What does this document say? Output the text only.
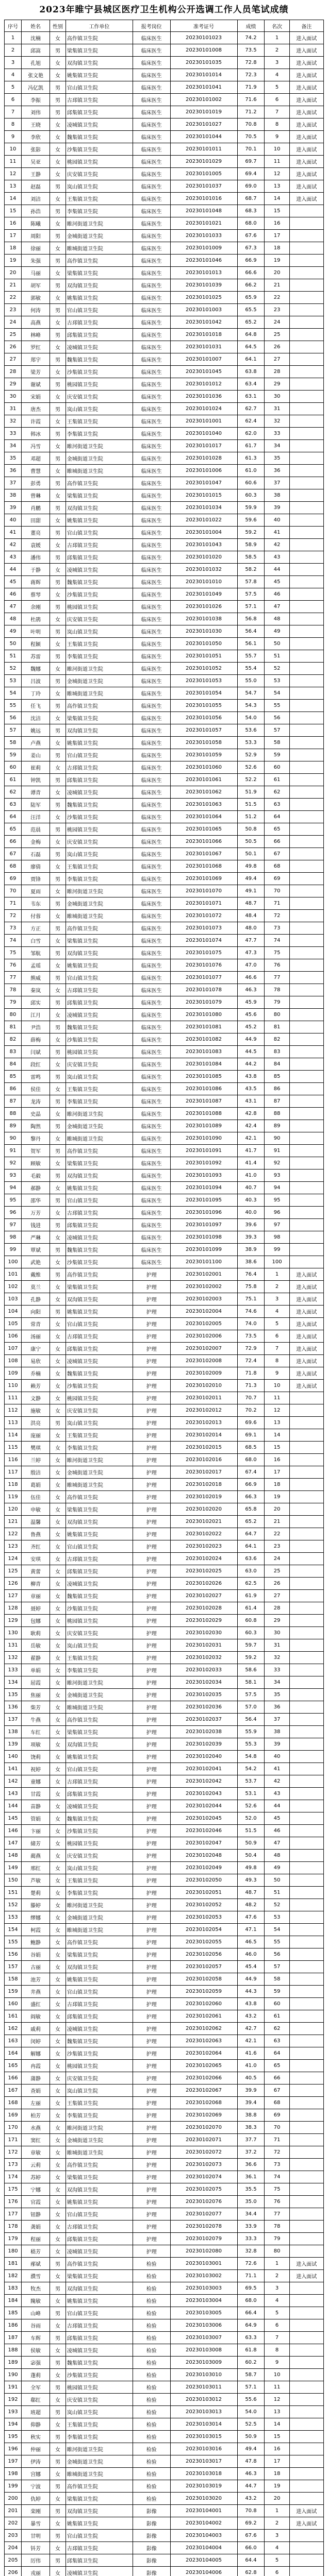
2023年睢宁县城区医疗卫生机构公开选调工作人员笔试成绩
序号	姓名	性别	工作单位	报考岗位	准考证号	成绩	名次	备注
1	沈楠	女	高作镇卫生院	临床医生	20230101023	74.2	1	进入面试
2	邱嵩	男	梁集镇卫生院	临床医生	20230101008	73.5	2	进入面试
3	孔旭	女	双沟镇卫生院	临床医生	20230101035	72.8	3	进入面试
4	张文艳	女	姚集镇卫生院	临床医生	20230101014	72.3	4	进入面试
5	冯亿凯	男	官山镇卫生院	临床医生	20230101041	71.9	5	进入面试
6	李振	男	古邳镇卫生院	临床医生	20230101002	71.6	6	进入面试
7	刘伟	男	邱集镇卫生院	临床医生	20230101019	71.2	7	进入面试
8	王晓	女	凌城镇卫生院	临床医生	20230101027	70.8	8	进入面试
9	李欣	女	魏集镇卫生院	临床医生	20230101044	70.5	9	进入面试
10	张影	女	沙集镇卫生院	临床医生	20230101011	70.1	10	进入面试
11	吴亚	女	桃园镇卫生院	临床医生	20230101029	69.7	11	进入面试
12	王静	女	庆安镇卫生院	临床医生	20230101005	69.4	12	进入面试
13	赵磊	男	岚山镇卫生院	临床医生	20230101037	69.0	13	进入面试
14	刘洁	女	王集镇卫生院	临床医生	20230101016	68.7	14	进入面试
15	孙浩	男	李集镇卫生院	临床医生	20230101048	68.3	15	
16	陈曦	女	睢河街道卫生院	临床医生	20230101021	68.0	16	
17	周阳	男	金城街道卫生院	临床医生	20230101033	67.6	17	
18	徐丽	女	睢城街道卫生院	临床医生	20230101009	67.3	18	
19	朱强	男	高作镇卫生院	临床医生	20230101046	66.9	19	
20	马丽	女	梁集镇卫生院	临床医生	20230101013	66.6	20	
21	胡军	男	双沟镇卫生院	临床医生	20230101039	66.2	21	
22	郭敏	女	姚集镇卫生院	临床医生	20230101025	65.9	22	
23	何涛	男	官山镇卫生院	临床医生	20230101003	65.5	23	
24	高燕	女	古邳镇卫生院	临床医生	20230101042	65.2	24	
25	林峰	男	邱集镇卫生院	临床医生	20230101018	64.8	25	
26	罗红	女	凌城镇卫生院	临床医生	20230101031	64.5	26	
27	郑宇	男	魏集镇卫生院	临床医生	20230101007	64.1	27	
28	梁芳	女	沙集镇卫生院	临床医生	20230101045	63.8	28	
29	谢斌	男	桃园镇卫生院	临床医生	20230101012	63.4	29	
30	宋娟	女	庆安镇卫生院	临床医生	20230101036	63.1	30	
31	唐杰	男	岚山镇卫生院	临床医生	20230101024	62.7	31	
32	许霞	女	王集镇卫生院	临床医生	20230101001	62.4	32	
33	韩冰	男	李集镇卫生院	临床医生	20230101040	62.0	33	
34	冯雪	女	睢河街道卫生院	临床医生	20230101017	61.7	34	
35	邓超	男	金城街道卫生院	临床医生	20230101028	61.3	35	
36	曹慧	女	睢城街道卫生院	临床医生	20230101006	61.0	36	
37	彭勇	男	高作镇卫生院	临床医生	20230101047	60.6	37	
38	曾琳	女	梁集镇卫生院	临床医生	20230101015	60.3	38	
39	肖鹏	男	双沟镇卫生院	临床医生	20230101034	59.9	39	
40	田甜	女	姚集镇卫生院	临床医生	20230101022	59.6	40	
41	董亮	男	官山镇卫生院	临床医生	20230101004	59.2	41	
42	袁媛	女	古邳镇卫生院	临床医生	20230101043	58.9	42	
43	潘伟	男	邱集镇卫生院	临床医生	20230101020	58.5	43	
44	于静	女	凌城镇卫生院	临床医生	20230101032	58.2	44	
45	蒋辉	男	魏集镇卫生院	临床医生	20230101010	57.8	45	
46	蔡琴	女	沙集镇卫生院	临床医生	20230101049	57.5	46	
47	余刚	男	桃园镇卫生院	临床医生	20230101026	57.1	47	
48	杜鹃	女	庆安镇卫生院	临床医生	20230101038	56.8	48	
49	叶明	男	岚山镇卫生院	临床医生	20230101030	56.4	49	
50	程颖	女	王集镇卫生院	临床医生	20230101050	56.1	50	
51	苏雷	男	李集镇卫生院	临床医生	20230101051	55.7	51	
52	魏娜	女	睢河街道卫生院	临床医生	20230101052	55.4	52	
53	吕波	男	金城街道卫生院	临床医生	20230101053	55.0	53	
54	丁玲	女	睢城街道卫生院	临床医生	20230101054	54.7	54	
55	任飞	男	高作镇卫生院	临床医生	20230101055	54.3	55	
56	沈洁	女	梁集镇卫生院	临床医生	20230101056	54.0	56	
57	姚远	男	双沟镇卫生院	临床医生	20230101057	53.6	57	
58	卢燕	女	姚集镇卫生院	临床医生	20230101058	53.3	58	
59	姜山	男	官山镇卫生院	临床医生	20230101059	52.9	59	
60	崔莉	女	古邳镇卫生院	临床医生	20230101060	52.6	60	
61	钟凯	男	邱集镇卫生院	临床医生	20230101061	52.2	61	
62	谭青	女	凌城镇卫生院	临床医生	20230101062	51.9	62	
63	陆军	男	魏集镇卫生院	临床医生	20230101063	51.5	63	
64	汪洋	女	沙集镇卫生院	临床医生	20230101064	51.2	64	
65	范晨	男	桃园镇卫生院	临床医生	20230101065	50.8	65	
66	金梅	女	庆安镇卫生院	临床医生	20230101066	50.5	66	
67	石磊	男	岚山镇卫生院	临床医生	20230101067	50.1	67	
68	廖倩	女	王集镇卫生院	临床医生	20230101068	49.8	68	
69	贾锋	男	李集镇卫生院	临床医生	20230101069	49.4	69	
70	夏雨	女	睢河街道卫生院	临床医生	20230101070	49.1	70	
71	韦东	男	金城街道卫生院	临床医生	20230101071	48.7	71	
72	付蓉	女	睢城街道卫生院	临床医生	20230101072	48.4	72	
73	方正	男	高作镇卫生院	临床医生	20230101073	48.0	73	
74	白雪	女	梁集镇卫生院	临床医生	20230101074	47.7	74	
75	邹航	男	双沟镇卫生院	临床医生	20230101075	47.3	75	
76	孟瑶	女	姚集镇卫生院	临床医生	20230101076	47.0	76	
77	熊威	男	官山镇卫生院	临床医生	20230101077	46.6	77	
78	秦岚	女	古邳镇卫生院	临床医生	20230101078	46.3	78	
79	邱实	男	邱集镇卫生院	临床医生	20230101079	45.9	79	
80	江月	女	凌城镇卫生院	临床医生	20230101080	45.6	80	
81	尹浩	男	魏集镇卫生院	临床医生	20230101081	45.2	81	
82	薛梅	女	沙集镇卫生院	临床医生	20230101082	44.9	82	
83	闫斌	男	桃园镇卫生院	临床医生	20230101083	44.5	83	
84	段红	女	庆安镇卫生院	临床医生	20230101084	44.2	84	
85	雷鸣	男	岚山镇卫生院	临床医生	20230101085	43.8	85	
86	侯佳	女	王集镇卫生院	临床医生	20230101086	43.5	86	
87	龙涛	男	李集镇卫生院	临床医生	20230101087	43.1	87	
88	史晶	女	睢河街道卫生院	临床医生	20230101088	42.8	88	
89	陶然	男	金城街道卫生院	临床医生	20230101089	42.4	89	
90	黎丹	女	睢城街道卫生院	临床医生	20230101090	42.1	90	
91	贺军	男	高作镇卫生院	临床医生	20230101091	41.7	91	
92	顾敏	女	梁集镇卫生院	临床医生	20230101092	41.4	92	
93	毛毅	男	双沟镇卫生院	临床医生	20230101093	41.0	93	
94	郝静	女	姚集镇卫生院	临床医生	20230101094	40.7	94	
95	邵华	男	官山镇卫生院	临床医生	20230101095	40.3	95	
96	万芳	女	古邳镇卫生院	临床医生	20230101096	40.0	96	
97	钱进	男	邱集镇卫生院	临床医生	20230101097	39.6	97	
98	严琳	女	凌城镇卫生院	临床医生	20230101098	39.3	98	
99	覃斌	男	魏集镇卫生院	临床医生	20230101099	38.9	99	
100	武艳	女	沙集镇卫生院	临床医生	20230101100	38.6	100	
101	戴维	男	高作镇卫生院	护理	20230102001	76.4	1	进入面试
102	莫兰	女	梁集镇卫生院	护理	20230102002	75.8	2	进入面试
103	孔静	女	双沟镇卫生院	护理	20230102003	75.1	3	进入面试
104	向阳	男	姚集镇卫生院	护理	20230102004	74.6	4	进入面试
105	常青	女	官山镇卫生院	护理	20230102005	74.0	5	进入面试
106	汤丽	女	古邳镇卫生院	护理	20230102006	73.5	6	进入面试
107	康宁	女	邱集镇卫生院	护理	20230102007	72.9	7	进入面试
108	易欣	女	凌城镇卫生院	护理	20230102008	72.4	8	进入面试
109	乔楠	女	魏集镇卫生院	护理	20230102009	71.8	9	进入面试
110	赖芳	女	沙集镇卫生院	护理	20230102010	71.3	10	进入面试
111	文静	女	桃园镇卫生院	护理	20230102011	70.7	11	
112	施敏	女	庆安镇卫生院	护理	20230102012	70.2	12	
113	洪亮	男	岚山镇卫生院	护理	20230102013	69.6	13	
114	庞丽	女	王集镇卫生院	护理	20230102014	69.1	14	
115	樊琪	女	李集镇卫生院	护理	20230102015	68.5	15	
116	兰婷	女	睢河街道卫生院	护理	20230102016	68.0	16	
117	殷洁	女	金城街道卫生院	护理	20230102017	67.4	17	
118	葛娟	女	睢城街道卫生院	护理	20230102018	66.9	18	
119	伍佳	女	高作镇卫生院	护理	20230102019	66.3	19	
120	申敏	女	梁集镇卫生院	护理	20230102020	65.8	20	
121	温馨	女	双沟镇卫生院	护理	20230102021	65.2	21	
122	鲁燕	女	姚集镇卫生院	护理	20230102022	64.7	22	
123	齐红	女	官山镇卫生院	护理	20230102023	64.1	23	
124	安琪	女	古邳镇卫生院	护理	20230102024	63.6	24	
125	黄蕾	女	邱集镇卫生院	护理	20230102025	63.0	25	
126	柳青	女	凌城镇卫生院	护理	20230102026	62.5	26	
127	章丽	女	魏集镇卫生院	护理	20230102027	61.9	27	
128	聂婷	女	沙集镇卫生院	护理	20230102028	61.4	28	
129	包娜	女	桃园镇卫生院	护理	20230102029	60.8	29	
130	耿莉	女	庆安镇卫生院	护理	20230102030	60.3	30	
131	岳敏	女	岚山镇卫生院	护理	20230102031	59.7	31	
132	翟静	女	王集镇卫生院	护理	20230102032	59.2	32	
133	单娟	女	李集镇卫生院	护理	20230102033	58.6	33	
134	屈霞	女	睢河街道卫生院	护理	20230102034	58.1	34	
135	焦丽	女	金城街道卫生院	护理	20230102035	57.5	35	
136	柴芳	女	睢城街道卫生院	护理	20230102036	57.0	36	
137	牛燕	女	高作镇卫生院	护理	20230102037	56.4	37	
138	车红	女	梁集镇卫生院	护理	20230102038	55.9	38	
139	项敏	女	双沟镇卫生院	护理	20230102039	55.3	39	
140	饶莉	女	姚集镇卫生院	护理	20230102040	54.8	40	
141	祝婷	女	官山镇卫生院	护理	20230102041	54.2	41	
142	童娜	女	古邳镇卫生院	护理	20230102042	53.7	42	
143	甘霞	女	邱集镇卫生院	护理	20230102043	53.1	43	
144	苗静	女	凌城镇卫生院	护理	20230102044	52.6	44	
145	管娟	女	魏集镇卫生院	护理	20230102045	52.0	45	
146	卞丽	女	沙集镇卫生院	护理	20230102046	51.5	46	
147	储芳	女	桃园镇卫生院	护理	20230102047	50.9	47	
148	蔺燕	女	庆安镇卫生院	护理	20230102048	50.4	48	
149	邢红	女	岚山镇卫生院	护理	20230102049	49.8	49	
150	芦敏	女	王集镇卫生院	护理	20230102050	49.3	50	
151	楚莉	女	李集镇卫生院	护理	20230102051	48.7	51	
152	滕婷	女	睢河街道卫生院	护理	20230102052	48.2	52	
153	缪娜	女	金城街道卫生院	护理	20230102053	47.6	53	
154	柯霞	女	睢城街道卫生院	护理	20230102054	47.1	54	
155	鲍静	女	高作镇卫生院	护理	20230102055	46.5	55	
156	谷娟	女	梁集镇卫生院	护理	20230102056	46.0	56	
157	古丽	女	双沟镇卫生院	护理	20230102057	45.4	57	
158	池芳	女	姚集镇卫生院	护理	20230102058	44.9	58	
159	井燕	女	官山镇卫生院	护理	20230102059	44.3	59	
160	盛红	女	古邳镇卫生院	护理	20230102060	43.8	60	
161	阎敏	女	邱集镇卫生院	护理	20230102061	43.2	61	
162	戚莉	女	凌城镇卫生院	护理	20230102062	42.7	62	
163	闵婷	女	魏集镇卫生院	护理	20230102063	42.1	63	
164	解娜	女	沙集镇卫生院	护理	20230102064	41.6	64	
165	冉霞	女	桃园镇卫生院	护理	20230102065	41.0	65	
166	蒲静	女	庆安镇卫生院	护理	20230102066	40.5	66	
167	查娟	女	岚山镇卫生院	护理	20230102067	39.9	67	
168	左丽	女	王集镇卫生院	护理	20230102068	39.4	68	
169	柏芳	女	李集镇卫生院	护理	20230102069	38.8	69	
170	水燕	女	睢河街道卫生院	护理	20230102070	38.3	70	
171	窦红	女	金城街道卫生院	护理	20230102071	37.7	71	
172	章敏	女	睢城街道卫生院	护理	20230102072	37.2	72	
173	云莉	女	高作镇卫生院	护理	20230102073	36.6	73	
174	苏婷	女	梁集镇卫生院	护理	20230102074	36.1	74	
175	宁娜	女	双沟镇卫生院	护理	20230102075	35.5	75	
176	官霞	女	姚集镇卫生院	护理	20230102076	35.0	76	
177	钮静	女	官山镇卫生院	护理	20230102077	34.4	77	
178	龚娟	女	古邳镇卫生院	护理	20230102078	33.9	78	
179	程丽	女	邱集镇卫生院	护理	20230102079	33.3	79	
180	嵇芳	女	凌城镇卫生院	护理	20230102080	32.8	80	
181	邴斌	男	高作镇卫生院	检验	20230103001	72.6	1	进入面试
182	濮雪	女	梁集镇卫生院	检验	20230103002	71.1	2	进入面试
183	牧杰	男	双沟镇卫生院	检验	20230103003	69.5	3	
184	隗敏	女	姚集镇卫生院	检验	20230103004	68.0	4	
185	山峰	男	官山镇卫生院	检验	20230103005	66.4	5	
186	谷雨	女	古邳镇卫生院	检验	20230103006	64.9	6	
187	车辉	男	邱集镇卫生院	检验	20230103007	63.3	7	
188	侯敏	女	凌城镇卫生院	检验	20230103008	61.8	8	
189	宓强	男	魏集镇卫生院	检验	20230103009	60.2	9	
190	蓬莉	女	沙集镇卫生院	检验	20230103010	58.7	10	
191	全军	男	桃园镇卫生院	检验	20230103011	57.1	11	
192	郗红	女	庆安镇卫生院	检验	20230103012	55.6	12	
193	班超	男	岚山镇卫生院	检验	20230103013	54.0	13	
194	仰静	女	王集镇卫生院	检验	20230103014	52.5	14	
195	秋实	男	李集镇卫生院	检验	20230103015	50.9	15	
196	仲丽	女	睢河街道卫生院	检验	20230103016	49.4	16	
197	伊涛	男	金城街道卫生院	检验	20230103017	47.8	17	
198	宫娜	女	睢城街道卫生院	检验	20230103018	46.3	18	
199	宁波	男	高作镇卫生院	检验	20230103019	44.7	19	
200	仇婷	女	梁集镇卫生院	检验	20230103020	43.2	20	
201	栾刚	男	双沟镇卫生院	影像	20230104001	70.8	1	进入面试
202	暴雪	女	姚集镇卫生院	影像	20230104002	69.2	2	进入面试
203	甘明	男	官山镇卫生院	影像	20230104003	67.6	3	
204	钭芳	女	古邳镇卫生院	影像	20230104004	66.0	4	
205	厉伟	男	邱集镇卫生院	影像	20230104005	64.4	5	
206	戎丽	女	凌城镇卫生院	影像	20230104006	62.8	6	
